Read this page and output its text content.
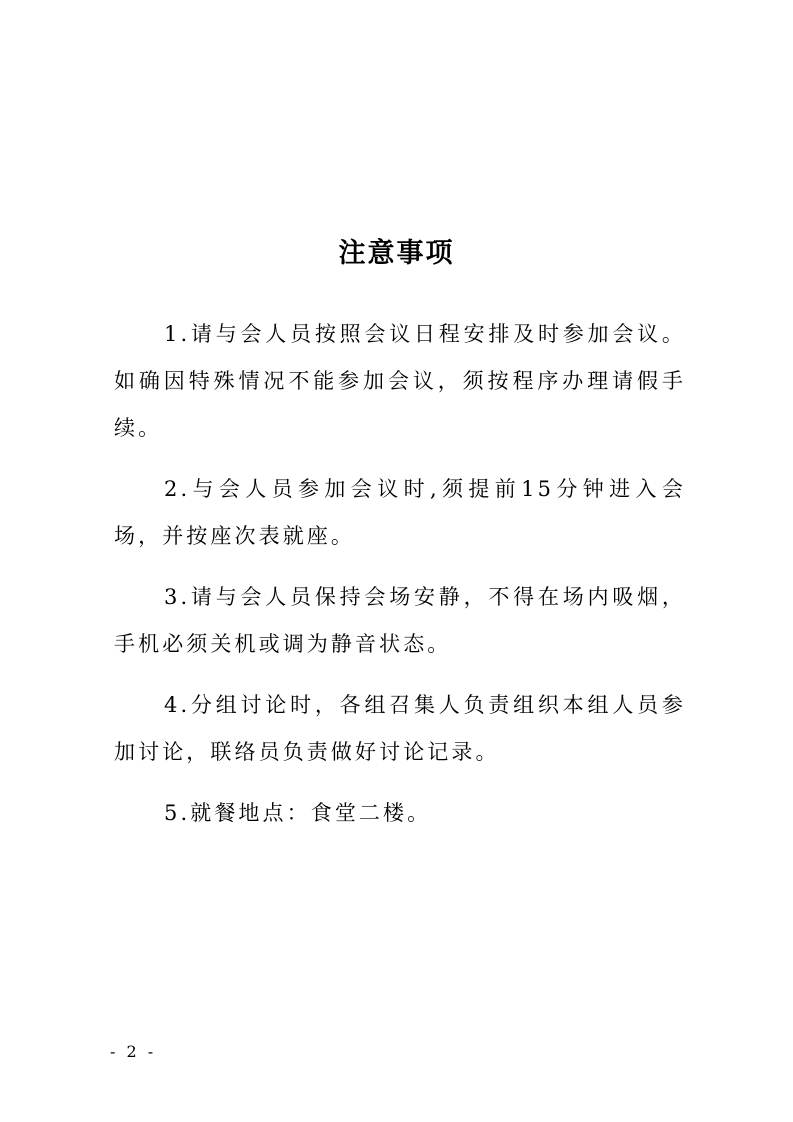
注意事项

1.请与会人员按照会议日程安排及时参加会议。如确因特殊情况不能参加会议，须按程序办理请假手续。

2.与会人员参加会议时,须提前15分钟进入会场，并按座次表就座。

3.请与会人员保持会场安静，不得在场内吸烟，手机必须关机或调为静音状态。

4.分组讨论时，各组召集人负责组织本组人员参加讨论，联络员负责做好讨论记录。

5.就餐地点：食堂二楼。

- 2 -
